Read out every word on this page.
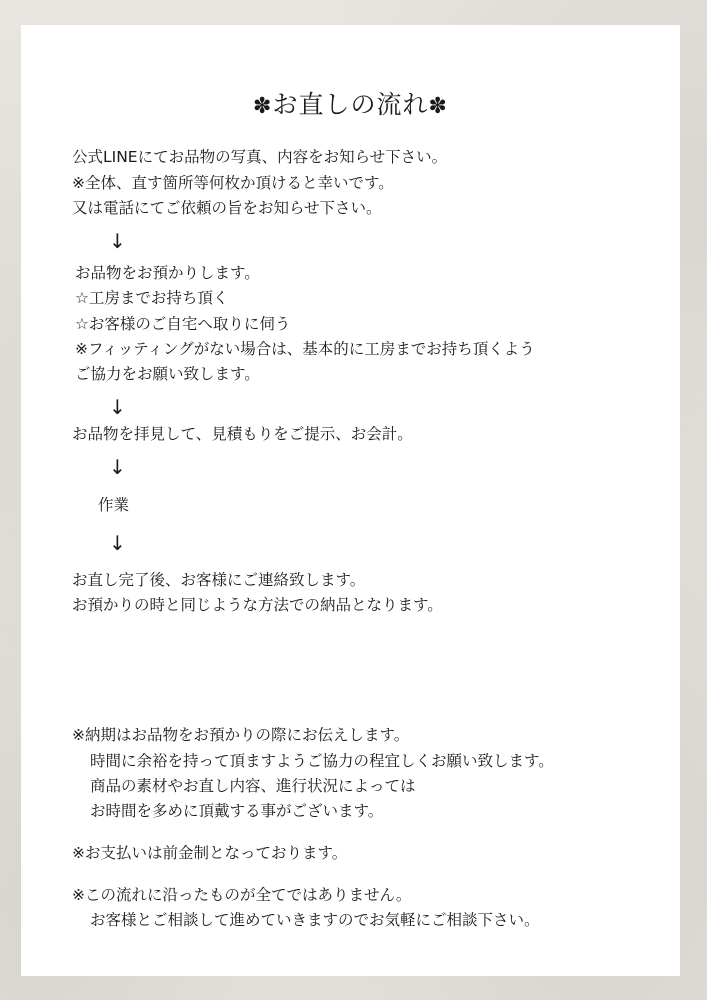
✽お直しの流れ✽
公式LINEにてお品物の写真、内容をお知らせ下さい。
※全体、直す箇所等何枚か頂けると幸いです。
又は電話にてご依頼の旨をお知らせ下さい。
↓
お品物をお預かりします。
☆工房までお持ち頂く
☆お客様のご自宅へ取りに伺う
※フィッティングがない場合は、基本的に工房までお持ち頂くよう
ご協力をお願い致します。
↓
お品物を拝見して、見積もりをご提示、お会計。
↓
作業
↓
お直し完了後、お客様にご連絡致します。
お預かりの時と同じような方法での納品となります。
※納期はお品物をお預かりの際にお伝えします。
時間に余裕を持って頂ますようご協力の程宜しくお願い致します。
商品の素材やお直し内容、進行状況によっては
お時間を多めに頂戴する事がございます。
※お支払いは前金制となっております。
※この流れに沿ったものが全てではありません。
お客様とご相談して進めていきますのでお気軽にご相談下さい。
